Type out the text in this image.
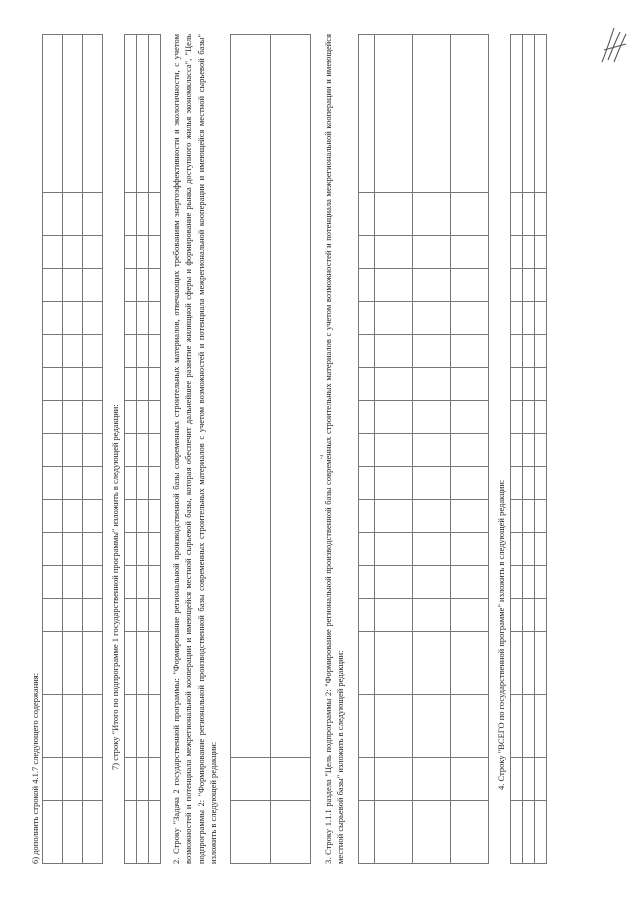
7
6) дополнить строкой 4.1.7 следующего содержания:

																		7) строку "Итого по подпрограмме 1 государственной программы" изложить в следующей редакции:

																		2. Строку "Задача 2 государственной программы: "Формирование региональной производственной базы современных строительных материалов, отвечающих требованиям энергоэффективности и экологичности, с учетом возможностей и потенциала межрегиональной кооперации и имеющейся местной сырьевой базы, которая обеспечит дальнейшее развитие жилищной сферы и формирование рынка доступного жилья экономкласса", "Цель подпрограммы 2: "Формирование региональной производственной базы современных строительных материалов с учетом возможностей и потенциала межрегиональной кооперации и имеющейся местной сырьевой базы" изложить в следующей редакции:

			3. Строку 1.1.1 раздела "Цель подпрограммы 2: "Формирование региональной производственной базы современных строительных материалов с учетом возможностей и потенциала межрегиональной кооперации и имеющейся местной сырьевой базы" изложить в следующей редакции:

																		4. Строку "ВСЕГО по государственной программе" изложить в следующей редакции:
